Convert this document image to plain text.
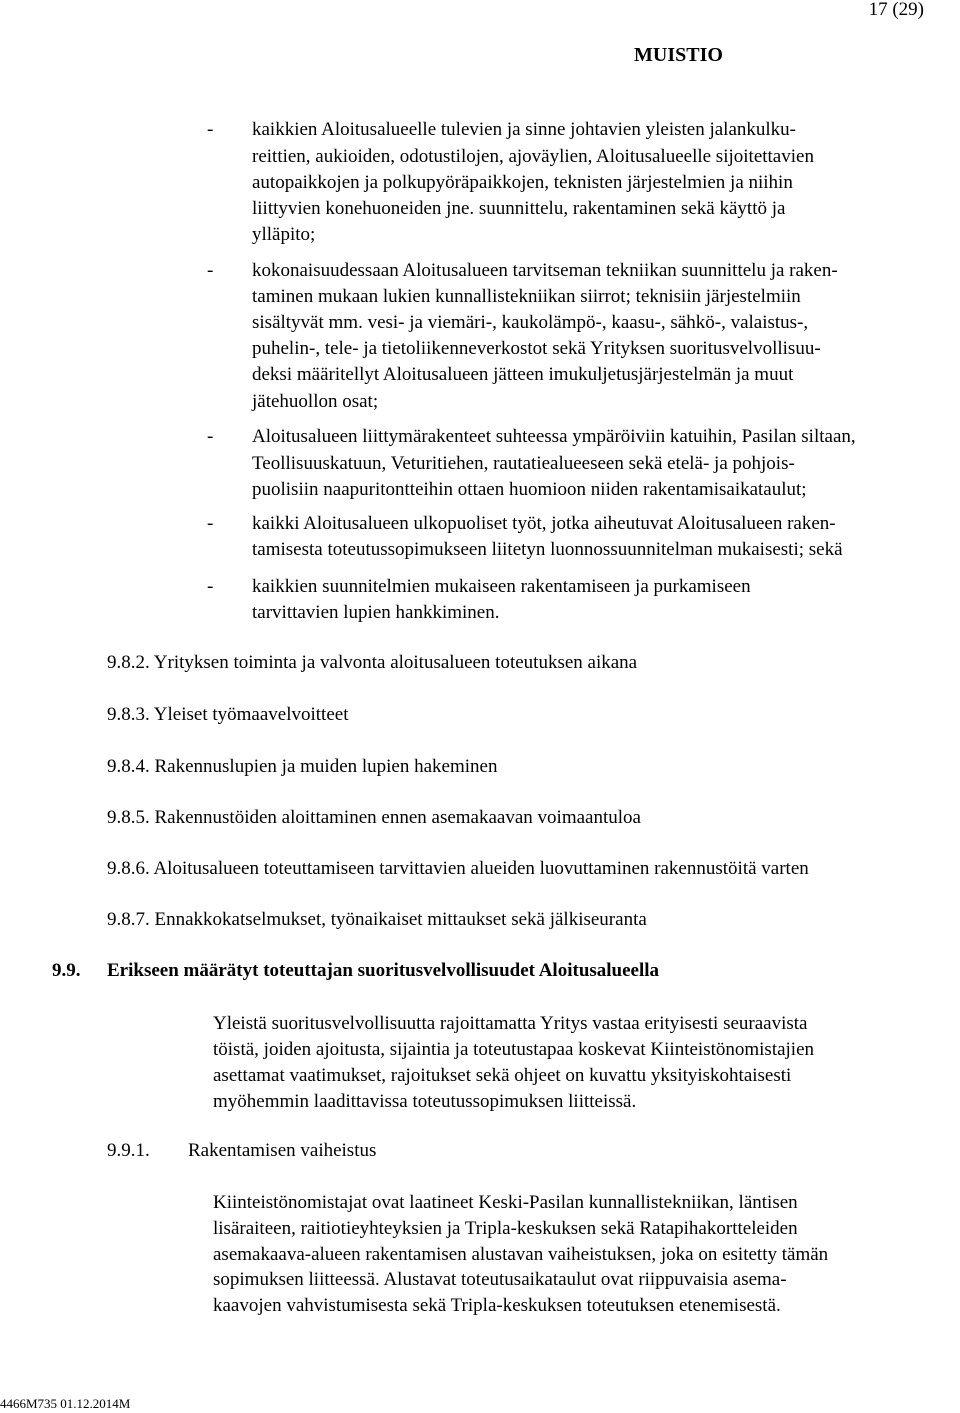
17 (29)
MUISTIO
- kaikkien Aloitusalueelle tulevien ja sinne johtavien yleisten jalankulku-
reittien, aukioiden, odotustilojen, ajoväylien, Aloitusalueelle sijoitettavien
autopaikkojen ja polkupyöräpaikkojen, teknisten järjestelmien ja niihin
liittyvien konehuoneiden jne. suunnittelu, rakentaminen sekä käyttö ja
ylläpito;
- kokonaisuudessaan Aloitusalueen tarvitseman tekniikan suunnittelu ja raken-
taminen mukaan lukien kunnallistekniikan siirrot; teknisiin järjestelmiin
sisältyvät mm. vesi- ja viemäri-, kaukolämpö-, kaasu-, sähkö-, valaistus-,
puhelin-, tele- ja tietoliikenneverkostot sekä Yrityksen suoritusvelvollisuu-
deksi määritellyt Aloitusalueen jätteen imukuljetusjärjestelmän ja muut
jätehuollon osat;
- Aloitusalueen liittymärakenteet suhteessa ympäröiviin katuihin, Pasilan siltaan,
Teollisuuskatuun, Veturitiehen, rautatiealueeseen sekä etelä- ja pohjois-
puolisiin naapuritontteihin ottaen huomioon niiden rakentamisaikataulut;
- kaikki Aloitusalueen ulkopuoliset työt, jotka aiheutuvat Aloitusalueen raken-
tamisesta toteutussopimukseen liitetyn luonnossuunnitelman mukaisesti; sekä
- kaikkien suunnitelmien mukaiseen rakentamiseen ja purkamiseen
tarvittavien lupien hankkiminen.
9.8.2. Yrityksen toiminta ja valvonta aloitusalueen toteutuksen aikana
9.8.3. Yleiset työmaavelvoitteet
9.8.4. Rakennuslupien ja muiden lupien hakeminen
9.8.5. Rakennustöiden aloittaminen ennen asemakaavan voimaantuloa
9.8.6. Aloitusalueen toteuttamiseen tarvittavien alueiden luovuttaminen rakennustöitä varten
9.8.7. Ennakkokatselmukset, työnaikaiset mittaukset sekä jälkiseuranta
9.9. Erikseen määrätyt toteuttajan suoritusvelvollisuudet Aloitusalueella
Yleistä suoritusvelvollisuutta rajoittamatta Yritys vastaa erityisesti seuraavista
töistä, joiden ajoitusta, sijaintia ja toteutustapaa koskevat Kiinteistönomistajien
asettamat vaatimukset, rajoitukset sekä ohjeet on kuvattu yksityiskohtaisesti
myöhemmin laadittavissa toteutussopimuksen liitteissä.
9.9.1. Rakentamisen vaiheistus
Kiinteistönomistajat ovat laatineet Keski-Pasilan kunnallistekniikan, läntisen
lisäraiteen, raitiotieyhteyksien ja Tripla-keskuksen sekä Ratapihakortteleiden
asemakaava-alueen rakentamisen alustavan vaiheistuksen, joka on esitetty tämän
sopimuksen liitteessä. Alustavat toteutusaikataulut ovat riippuvaisia asema-
kaavojen vahvistumisesta sekä Tripla-keskuksen toteutuksen etenemisestä.
4466M735 01.12.2014M
